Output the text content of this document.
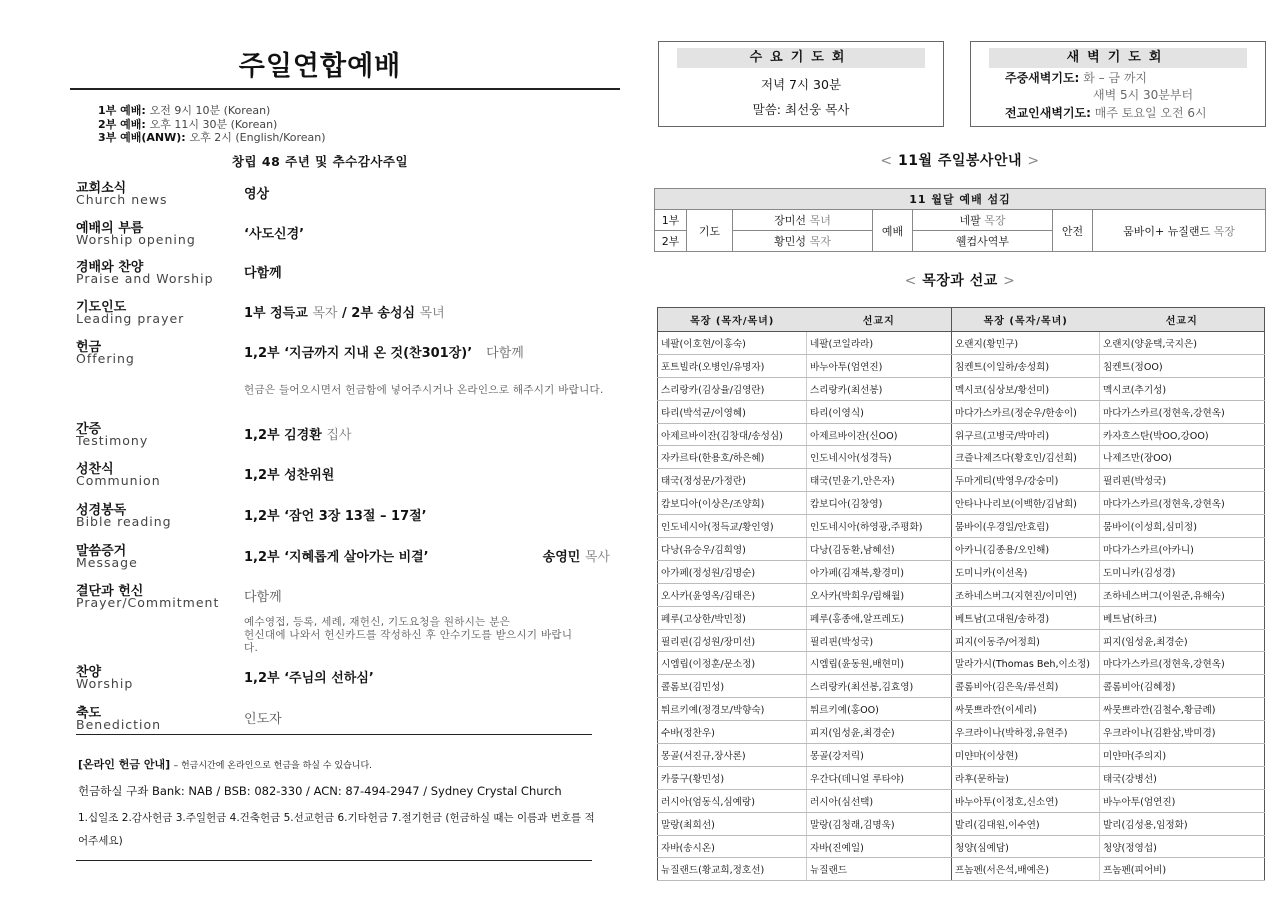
주일연합예배
1부 예배: 오전 9시 10분 (Korean)
2부 예배: 오후 11시 30분 (Korean)
3부 예배(ANW): 오후 2시 (English/Korean)
창립 48 주년 및 추수감사주일
교회소식
Church news	영상
예배의 부름
Worship opening	‘사도신경’
경배와 찬양
Praise and Worship 다함께
기도인도
Leading prayer	1부 정득교 목자 / 2부 송성심 목녀
헌금
Offering	1,2부 ‘지금까지 지내 온 것(찬301장)’ 다함께
헌금은 들어오시면서 헌금함에 넣어주시거나 온라인으로 해주시기 바랍니다.
간증
Testimony	1,2부 김경환 집사
성찬식
Communion	1,2부 성찬위원
성경봉독
Bible reading	1,2부 ‘잠언 3장 13절 – 17절’
말씀증거
Message	1,2부 ‘지혜롭게 살아가는 비결’	송영민 목사
결단과 헌신
Prayer/Commitment 다함께
예수영접, 등록, 세례, 재헌신, 기도요청을 원하시는 분은
헌신대에 나와서 헌신카드를 작성하신 후 안수기도를 받으시기 바랍니
다.
찬양
Worship	1,2부 ‘주님의 선하심’
축도
Benediction	인도자
[온라인 헌금 안내] – 헌금시간에 온라인으로 헌금을 하실 수 있습니다.
헌금하실 구좌 Bank: NAB / BSB: 082-330 / ACN: 87-494-2947 / Sydney Crystal Church
1.십일조 2.감사헌금 3.주일헌금 4.건축헌금 5.선교헌금 6.기타헌금 7.절기헌금 (헌금하실 때는 이름과 번호를 적어주세요)
수요기도회
저녁 7시 30분
말씀: 최선웅 목사
새벽기도회
주중새벽기도: 화 – 금 까지
새벽 5시 30분부터
전교인새벽기도: 매주 토요일 오전 6시
< 11월 주일봉사안내 >
11 월달 예배 섬김						
1부	기도	장미선 목녀	예배	네팔 목장	안전	뭄바이+ 뉴질랜드 목장
2부		황민성 목자		웰컴사역부		
< 목장과 선교 >
목장 (목자/목녀)	선교지	목장 (목자/목녀)	선교지
네팔(이호현/이홍숙)	네팔(코일라라)	오랜지(황민구)	오랜지(양윤택,국지은)
포트빌라(오병인/유명자)	바누아투(엄연진)	침켄트(이일하/송성희)	침켄트(정OO)
스리랑카(김상율/김영란)	스리랑카(최선봉)	멕시코(심상보/황선미)	멕시코(추기성)
타리(박석균/이영혜)	타리(이영식)	마다가스카르(정순우/한송이)	마다가스카르(정현욱,강현옥)
아제르바이잔(김창대/송성심)	아제르바이잔(신OO)	위구르(고병국/박마리)	카자흐스탄(박OO,강OO)
자카르타(한용호/하은혜)	인도네시아(성경득)	크즐나제즈다(황호인/김선희)	나제즈만(장OO)
태국(정성문/가정란)	태국(민윤기,안은자)	두마게티(박영우/강숭미)	필리핀(박성국)
캄보디아(이상은/조양희)	캄보디아(김창영)	안타나나리보(이백한/김남희)	마다가스카르(정현욱,강현옥)
인도네시아(정득교/황인영)	인도네시아(하영광,주평화)	뭄바이(우경일/안효림)	뭄바이(이성희,심미정)
다낭(유승우/김희영)	다낭(김동환,남혜선)	아카니(김종용/오인해)	마다가스카르(아카니)
아가페(정성원/김명순)	아가페(김재복,황경미)	도미니카(이선옥)	도미니카(김성경)
오사카(윤영옥/김태은)	오사카(박희우/림해월)	조하네스버그(지현진/이미연)	조하네스버그(이원준,유해숙)
페루(고상한/박민정)	페루(홍종애,알프레도)	베트남(고대원/송하경)	베트남(하크)
필리핀(김성원/장미선)	필리핀(박성국)	피지(이동주/어정희)	피지(임성윤,최경순)
시엠립(이정훈/문소정)	시엠립(윤동원,배현미)	말라가시(Thomas Beh,이소정)	마다가스카르(정현욱,강현옥)
콜롬보(김민성)	스리랑카(최선봉,김효영)	콜롬비아(김은욱/류선희)	콜롬비아(김혜정)
튀르키예(정경모/박향숙)	튀르키예(홍OO)	싸뭇쁘라깐(이세리)	싸뭇쁘라깐(김철수,황금례)
수바(정찬우)	피지(임성윤,최경순)	우크라이나(박하정,유현주)	우크라이나(김환삼,박미경)
몽골(서진규,장사론)	몽골(강저릭)	미얀마(이상현)	미얀마(주의지)
카룽구(황민성)	우간다(데니얼 루타야)	라후(문하늘)	태국(강병선)
러시아(엄동식,심예랑)	러시아(심선택)	바누아투(이정호,신소연)	바누아투(엄연진)
말랑(최희선)	말랑(김청래,김명욱)	발리(김대원,이수연)	발리(김성용,임정화)
자바(송시온)	자바(진예일)	청양(심예담)	청양(정영섭)
뉴질랜드(황교희,정호선)	뉴질랜드	프놈펜(서은석,배예은)	프놈펜(피어비)
